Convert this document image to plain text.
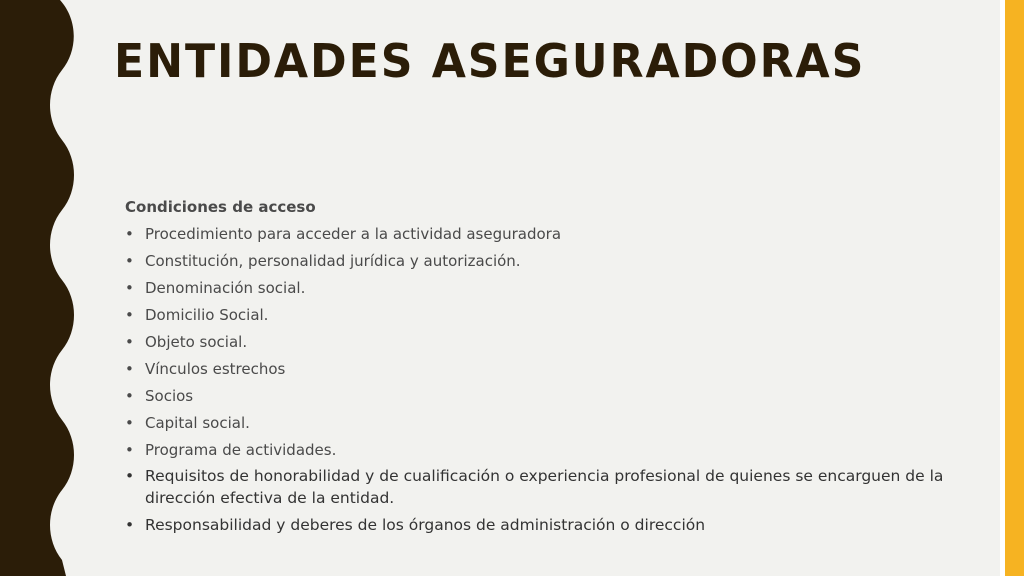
ENTIDADES ASEGURADORAS
Condiciones de acceso
• Procedimiento para acceder a la actividad aseguradora
• Constitución, personalidad jurídica y autorización.
• Denominación social.
• Domicilio Social.
• Objeto social.
• Vínculos estrechos
• Socios
• Capital social.
• Programa de actividades.
• Requisitos de honorabilidad y de cualificación o experiencia profesional de quienes se encarguen de la dirección efectiva de la entidad.
• Responsabilidad y deberes de los órganos de administración o dirección
